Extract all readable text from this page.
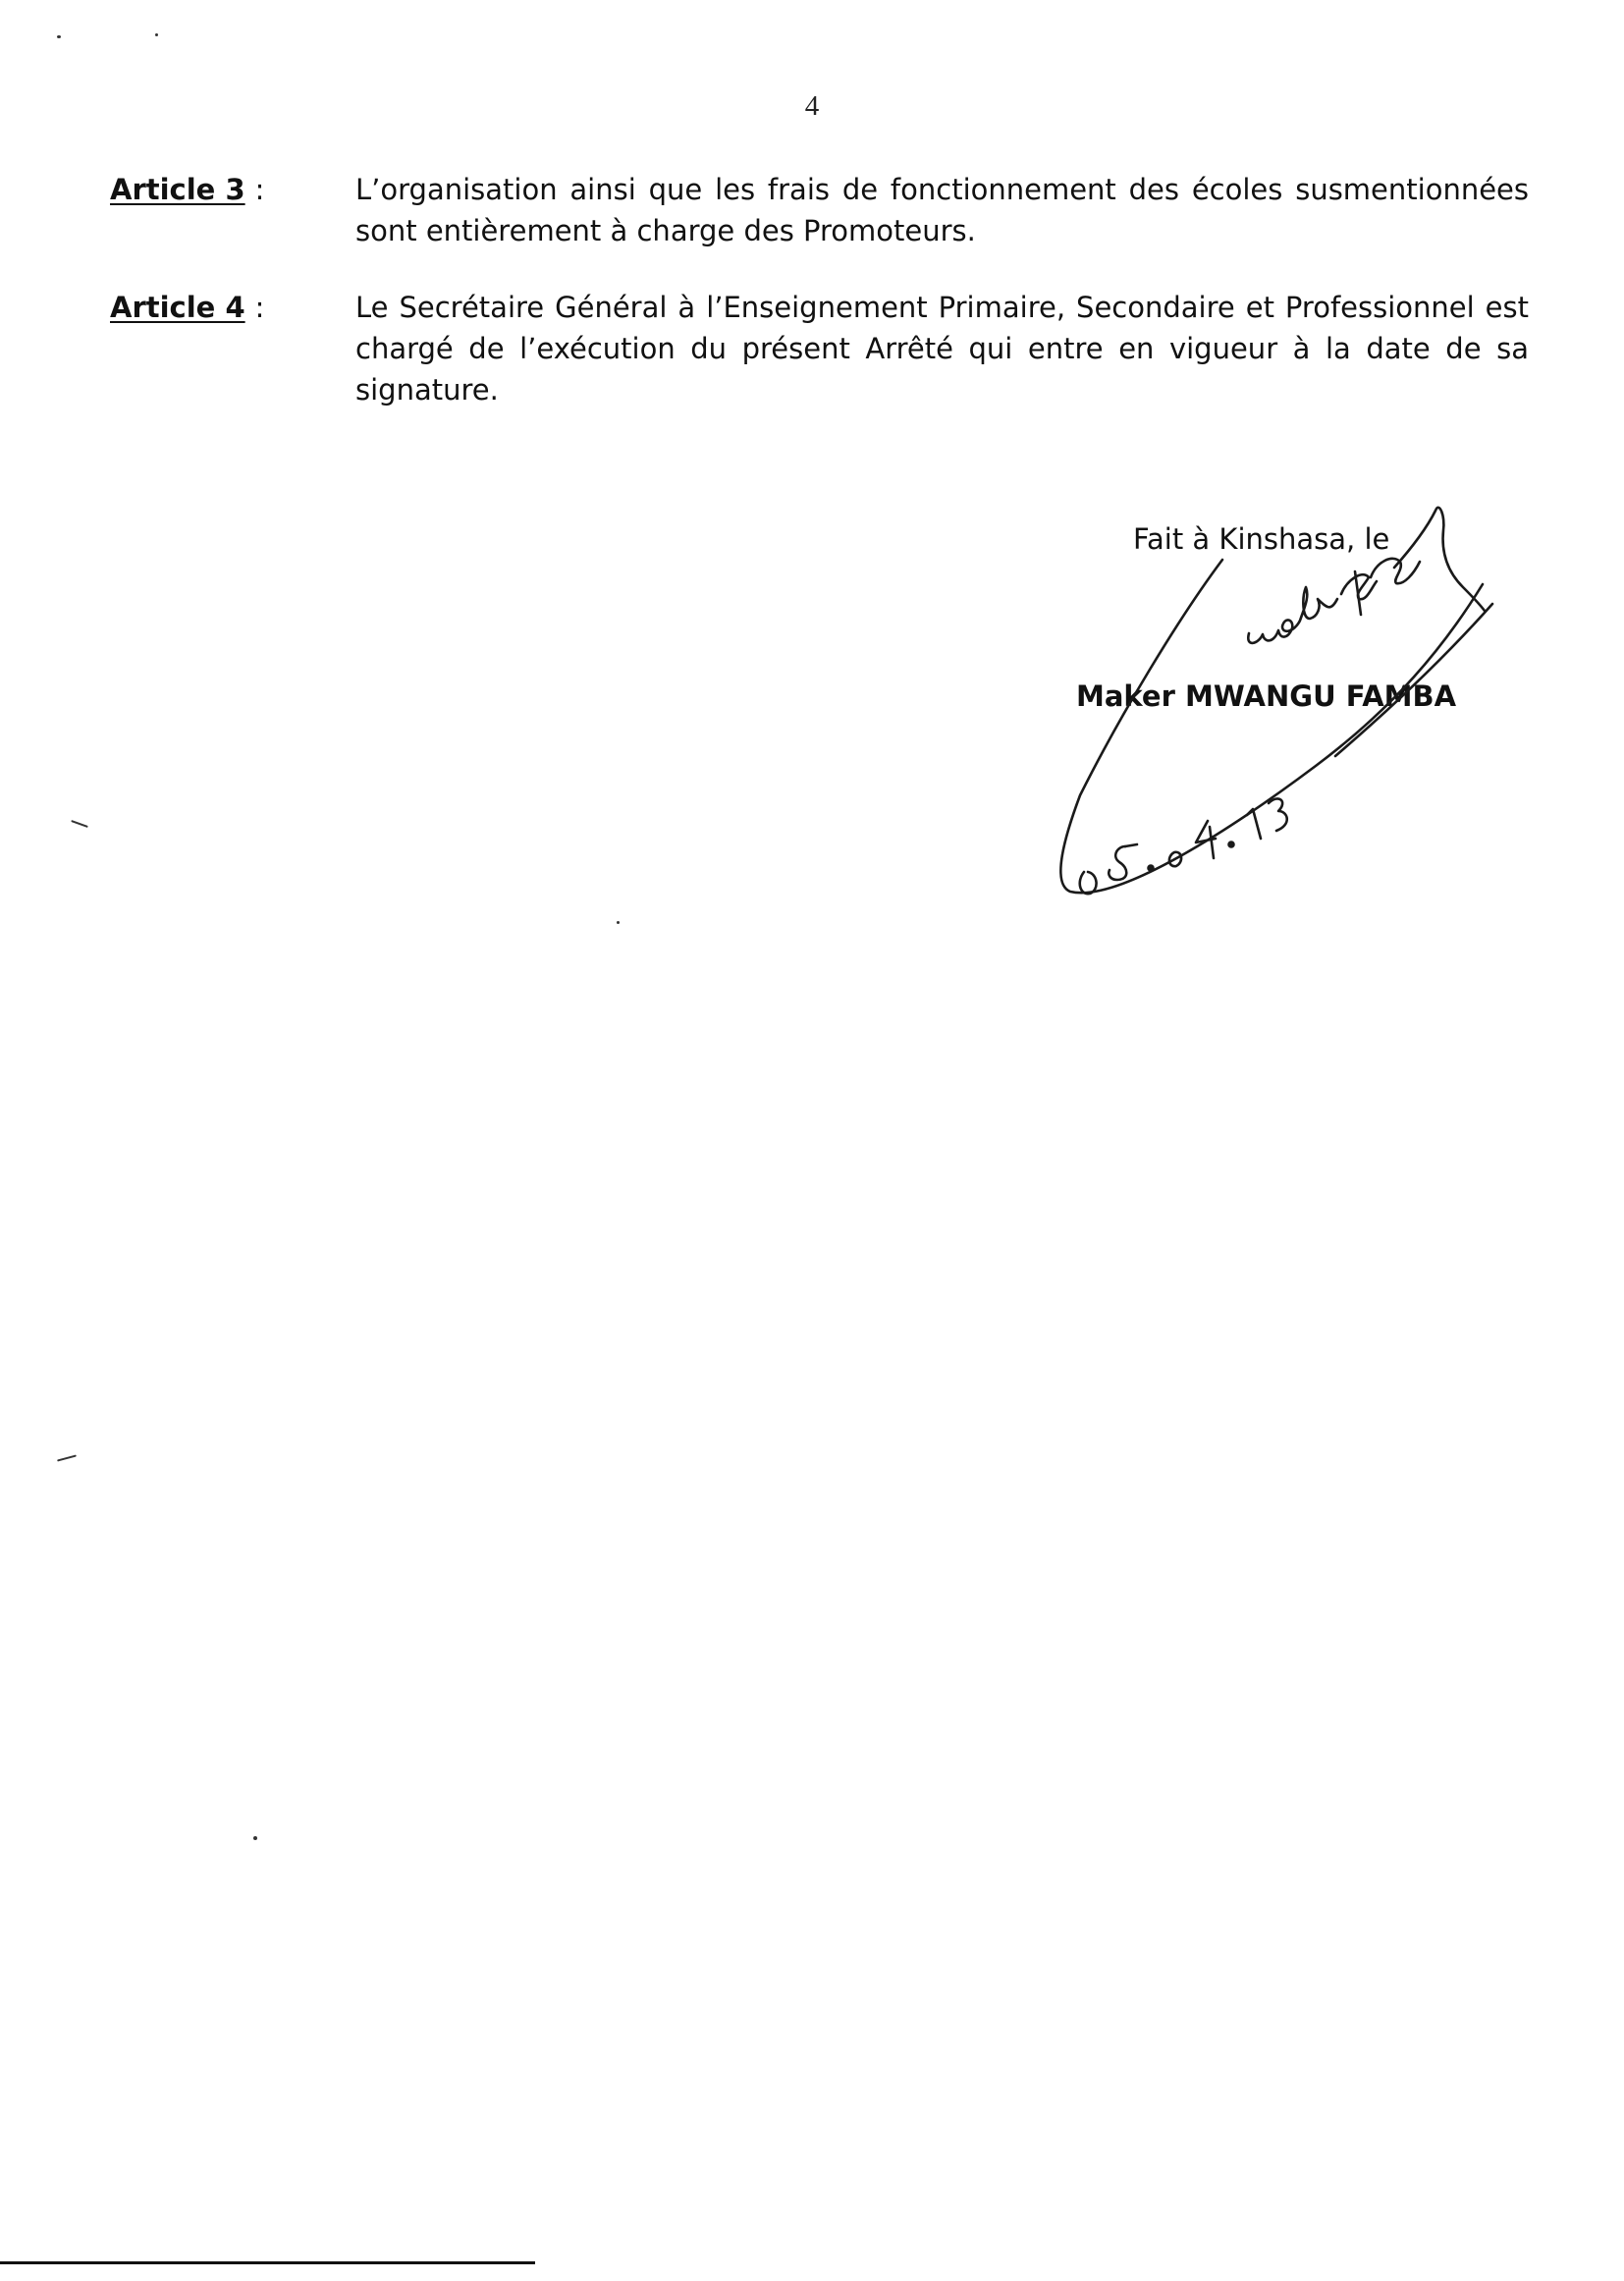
4
Article 3 :	L’organisation ainsi que les frais de fonctionnement des écoles susmentionnées sont entièrement à charge des Promoteurs.
Article 4 :	Le Secrétaire Général à l’Enseignement Primaire, Secondaire et Professionnel est chargé de l’exécution du présent Arrêté qui entre en vigueur à la date de sa signature.
Fait à Kinshasa, le
Maker MWANGU FAMBA
